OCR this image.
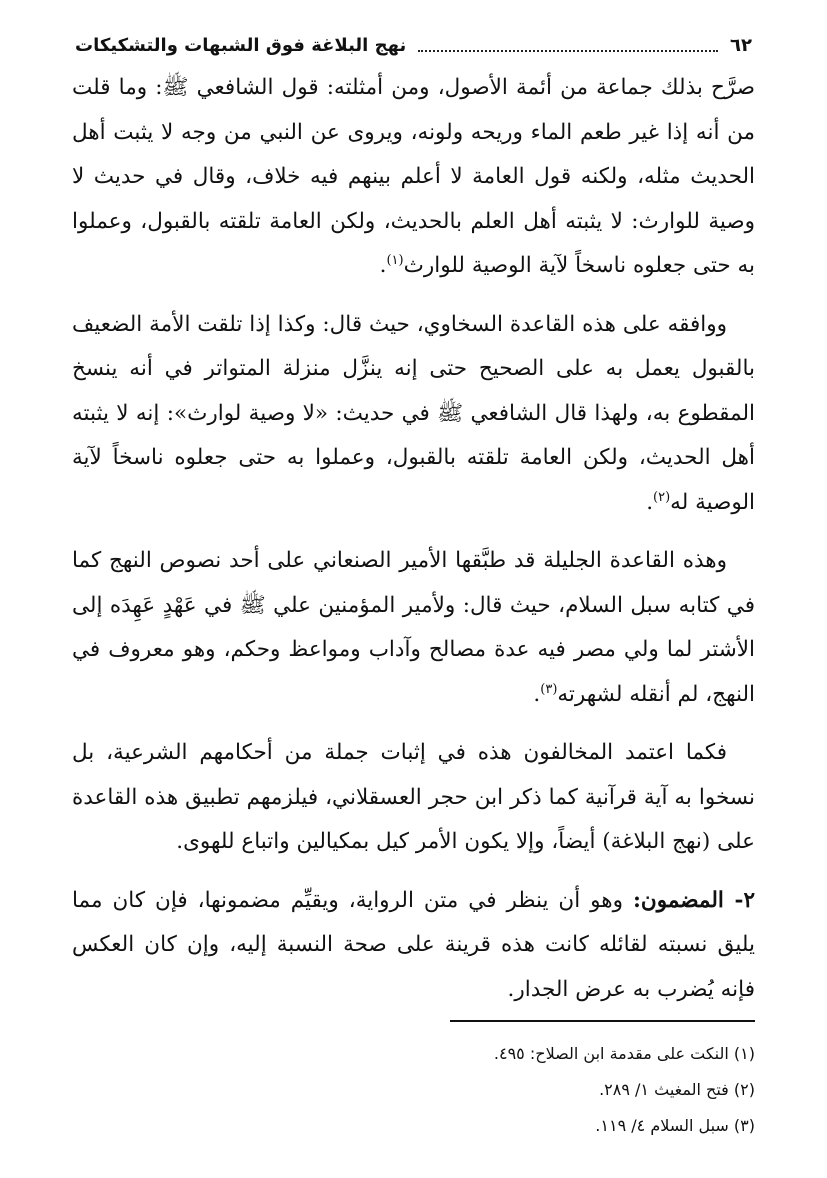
٦٢
نهج البلاغة فوق الشبهات والتشكيكات

صرَّح بذلك جماعة من أئمة الأصول، ومن أمثلته: قول الشافعي ﷺ: وما قلت من أنه إذا غير طعم الماء وريحه ولونه، ويروى عن النبي من وجه لا يثبت أهل الحديث مثله، ولكنه قول العامة لا أعلم بينهم فيه خلاف، وقال في حديث لا وصية للوارث: لا يثبته أهل العلم بالحديث، ولكن العامة تلقته بالقبول، وعملوا به حتى جعلوه ناسخاً لآية الوصية للوارث$^{(١)}$.

ووافقه على هذه القاعدة السخاوي، حيث قال: وكذا إذا تلقت الأمة الضعيف بالقبول يعمل به على الصحيح حتى إنه ينزَّل منزلة المتواتر في أنه ينسخ المقطوع به، ولهذا قال الشافعي ﷺ في حديث: «لا وصية لوارث»: إنه لا يثبته أهل الحديث، ولكن العامة تلقته بالقبول، وعملوا به حتى جعلوه ناسخاً لآية الوصية له$^{(٢)}$.

وهذه القاعدة الجليلة قد طبَّقها الأمير الصنعاني على أحد نصوص النهج كما في كتابه سبل السلام، حيث قال: ولأمير المؤمنين علي ﷺ في عَهْدٍ عَهِدَه إلى الأشتر لما ولي مصر فيه عدة مصالح وآداب ومواعظ وحكم، وهو معروف في النهج، لم أنقله لشهرته$^{(٣)}$.

فكما اعتمد المخالفون هذه في إثبات جملة من أحكامهم الشرعية، بل نسخوا به آية قرآنية كما ذكر ابن حجر العسقلاني، فيلزمهم تطبيق هذه القاعدة على (نهج البلاغة) أيضاً، وإلا يكون الأمر كيل بمكيالين واتباع للهوى.

٢- المضمون: وهو أن ينظر في متن الرواية، ويقيِّم مضمونها، فإن كان مما يليق نسبته لقائله كانت هذه قرينة على صحة النسبة إليه، وإن كان العكس فإنه يُضرب به عرض الجدار.

(١) النكت على مقدمة ابن الصلاح: ٤٩٥.
(٢) فتح المغيث ١/ ٢٨٩.
(٣) سبل السلام ٤/ ١١٩.
